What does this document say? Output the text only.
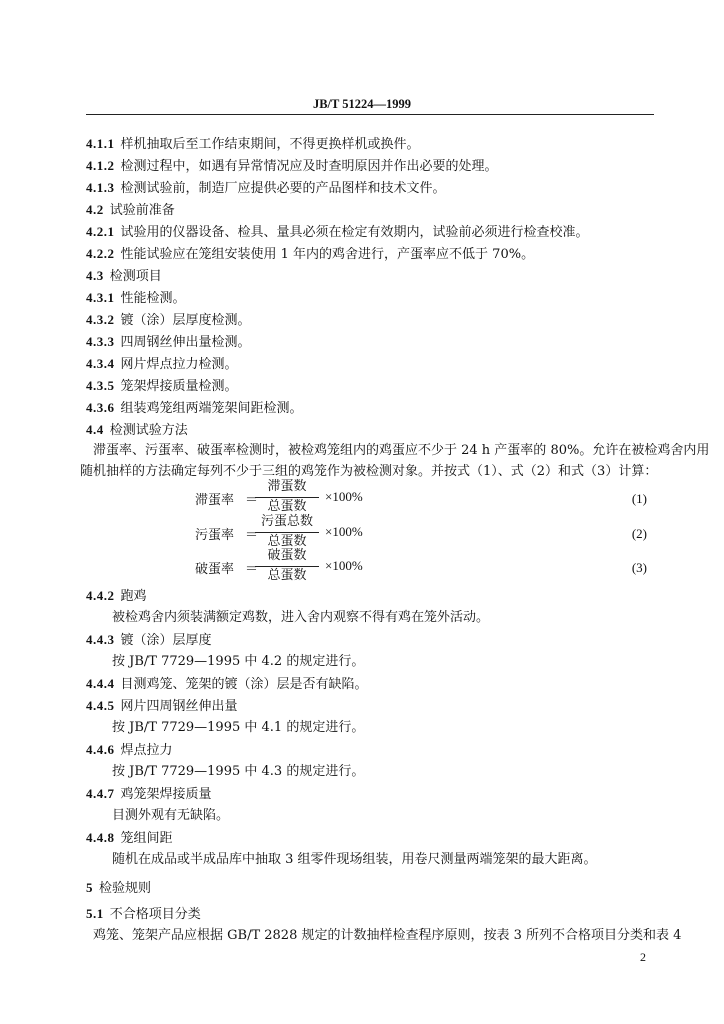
JB/T 51224—1999
4.1.1 样机抽取后至工作结束期间，不得更换样机或换件。
4.1.2 检测过程中，如遇有异常情况应及时查明原因并作出必要的处理。
4.1.3 检测试验前，制造厂应提供必要的产品图样和技术文件。
4.2 试验前准备
4.2.1 试验用的仪器设备、检具、量具必须在检定有效期内，试验前必须进行检查校准。
4.2.2 性能试验应在笼组安装使用 1 年内的鸡舍进行，产蛋率应不低于 70%。
4.3 检测项目
4.3.1 性能检测。
4.3.2 镀（涂）层厚度检测。
4.3.3 四周钢丝伸出量检测。
4.3.4 网片焊点拉力检测。
4.3.5 笼架焊接质量检测。
4.3.6 组装鸡笼组两端笼架间距检测。
4.4 检测试验方法
　滞蛋率、污蛋率、破蛋率检测时，被检鸡笼组内的鸡蛋应不少于 24 h 产蛋率的 80%。允许在被检鸡舍内用
随机抽样的方法确定每列不少于三组的鸡笼作为被检测对象。并按式（1）、式（2）和式（3）计算：
滞蛋率 ＝
滞蛋数
总蛋数
×100%	(1)
污蛋率 ＝
污蛋总数
总蛋数
×100%	(2)
破蛋率 ＝
破蛋数
总蛋数
×100%	(3)
4.4.2 跑鸡
被检鸡舍内须装满额定鸡数，进入舍内观察不得有鸡在笼外活动。
4.4.3 镀（涂）层厚度
按 JB/T 7729—1995 中 4.2 的规定进行。
4.4.4 目测鸡笼、笼架的镀（涂）层是否有缺陷。
4.4.5 网片四周钢丝伸出量
按 JB/T 7729—1995 中 4.1 的规定进行。
4.4.6 焊点拉力
按 JB/T 7729—1995 中 4.3 的规定进行。
4.4.7 鸡笼架焊接质量
目测外观有无缺陷。
4.4.8 笼组间距
随机在成品或半成品库中抽取 3 组零件现场组装，用卷尺测量两端笼架的最大距离。
5 检验规则
5.1 不合格项目分类
　鸡笼、笼架产品应根据 GB/T 2828 规定的计数抽样检查程序原则，按表 3 所列不合格项目分类和表 4
2
